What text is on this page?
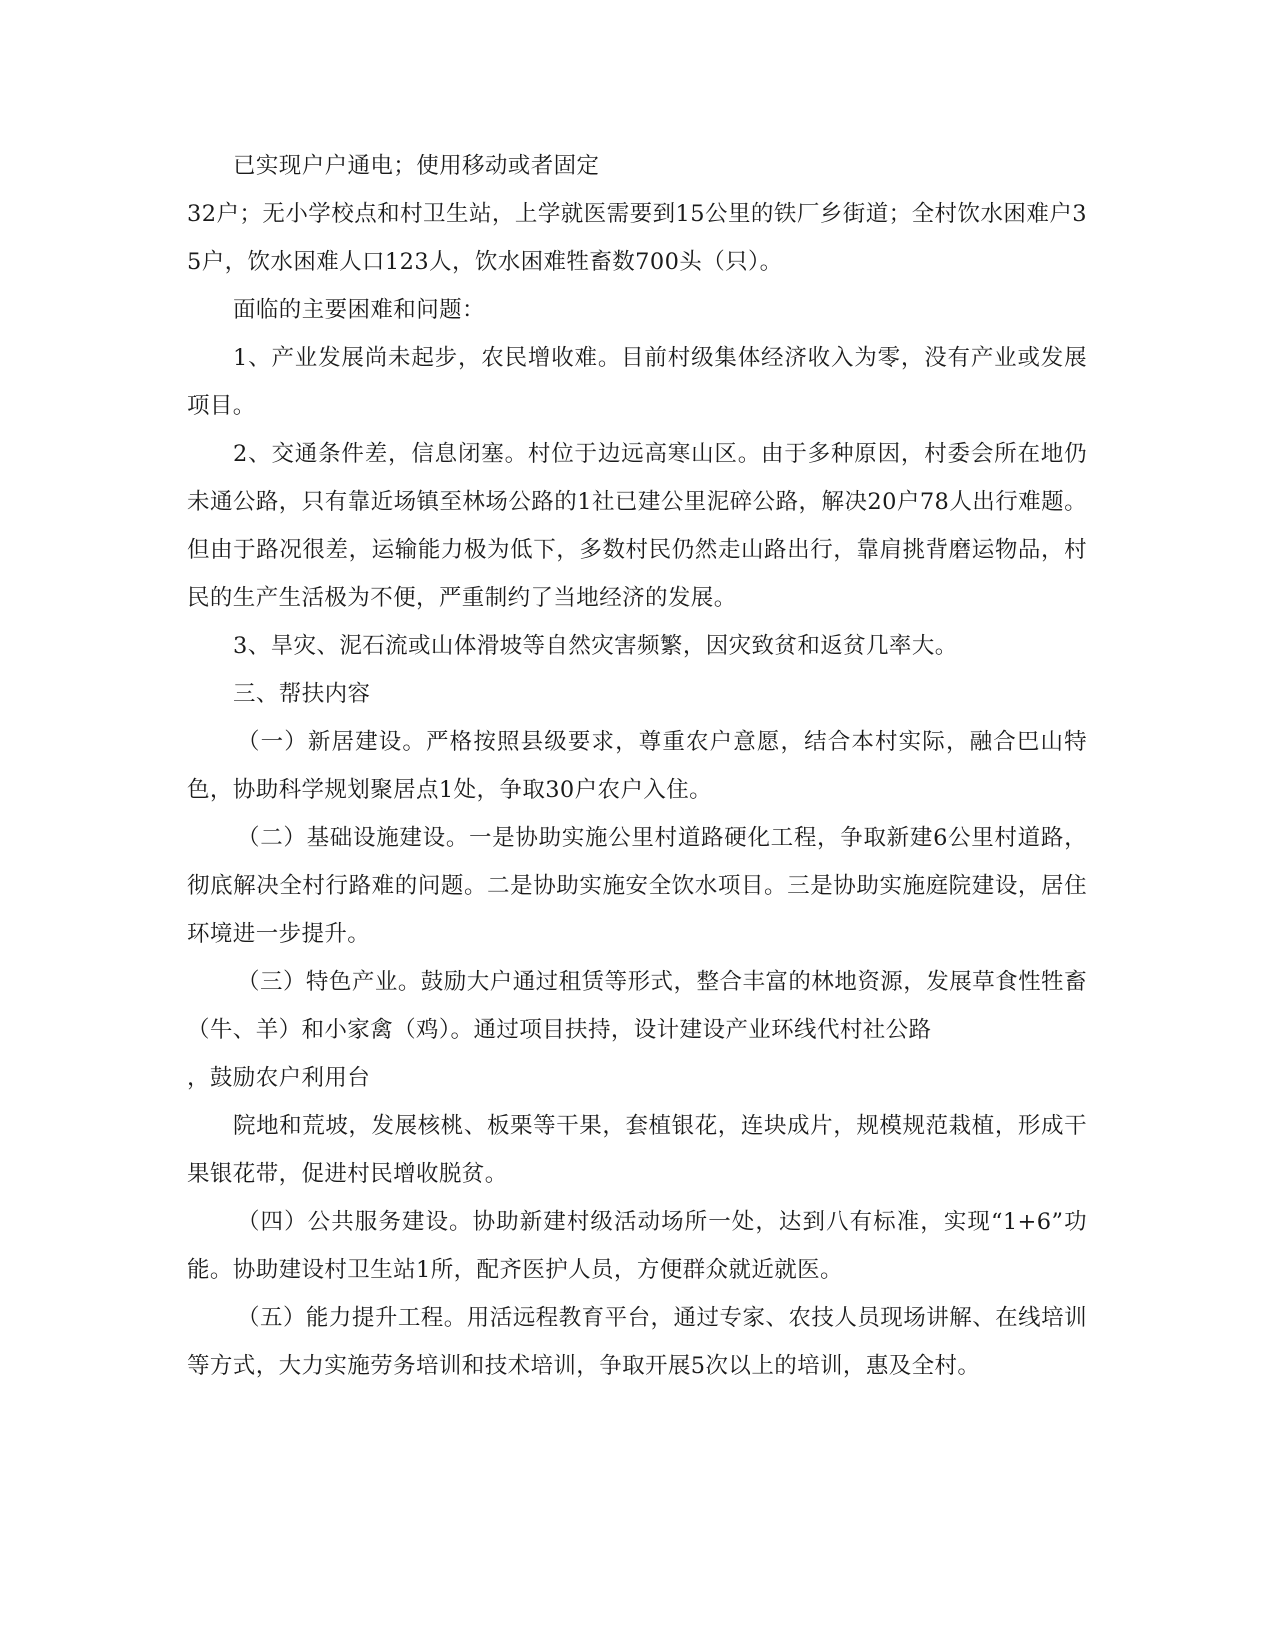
已实现户户通电；使用移动或者固定

32户；无小学校点和村卫生站，上学就医需要到15公里的铁厂乡街道；全村饮水困难户35户，饮水困难人口123人，饮水困难牲畜数700头（只）。

面临的主要困难和问题：

1、产业发展尚未起步，农民增收难。目前村级集体经济收入为零，没有产业或发展项目。

2、交通条件差，信息闭塞。村位于边远高寒山区。由于多种原因，村委会所在地仍未通公路，只有靠近场镇至林场公路的1社已建公里泥碎公路，解决20户78人出行难题。但由于路况很差，运输能力极为低下，多数村民仍然走山路出行，靠肩挑背磨运物品，村民的生产生活极为不便，严重制约了当地经济的发展。

3、旱灾、泥石流或山体滑坡等自然灾害频繁，因灾致贫和返贫几率大。

三、帮扶内容

（一）新居建设。严格按照县级要求，尊重农户意愿，结合本村实际，融合巴山特色，协助科学规划聚居点1处，争取30户农户入住。

（二）基础设施建设。一是协助实施公里村道路硬化工程，争取新建6公里村道路，彻底解决全村行路难的问题。二是协助实施安全饮水项目。三是协助实施庭院建设，居住环境进一步提升。

（三）特色产业。鼓励大户通过租赁等形式，整合丰富的林地资源，发展草食性牲畜（牛、羊）和小家禽（鸡）。通过项目扶持，设计建设产业环线代村社公路

，鼓励农户利用台

院地和荒坡，发展核桃、板栗等干果，套植银花，连块成片，规模规范栽植，形成干果银花带，促进村民增收脱贫。

（四）公共服务建设。协助新建村级活动场所一处，达到八有标准，实现“1+6”功能。协助建设村卫生站1所，配齐医护人员，方便群众就近就医。

（五）能力提升工程。用活远程教育平台，通过专家、农技人员现场讲解、在线培训等方式，大力实施劳务培训和技术培训，争取开展5次以上的培训，惠及全村。
